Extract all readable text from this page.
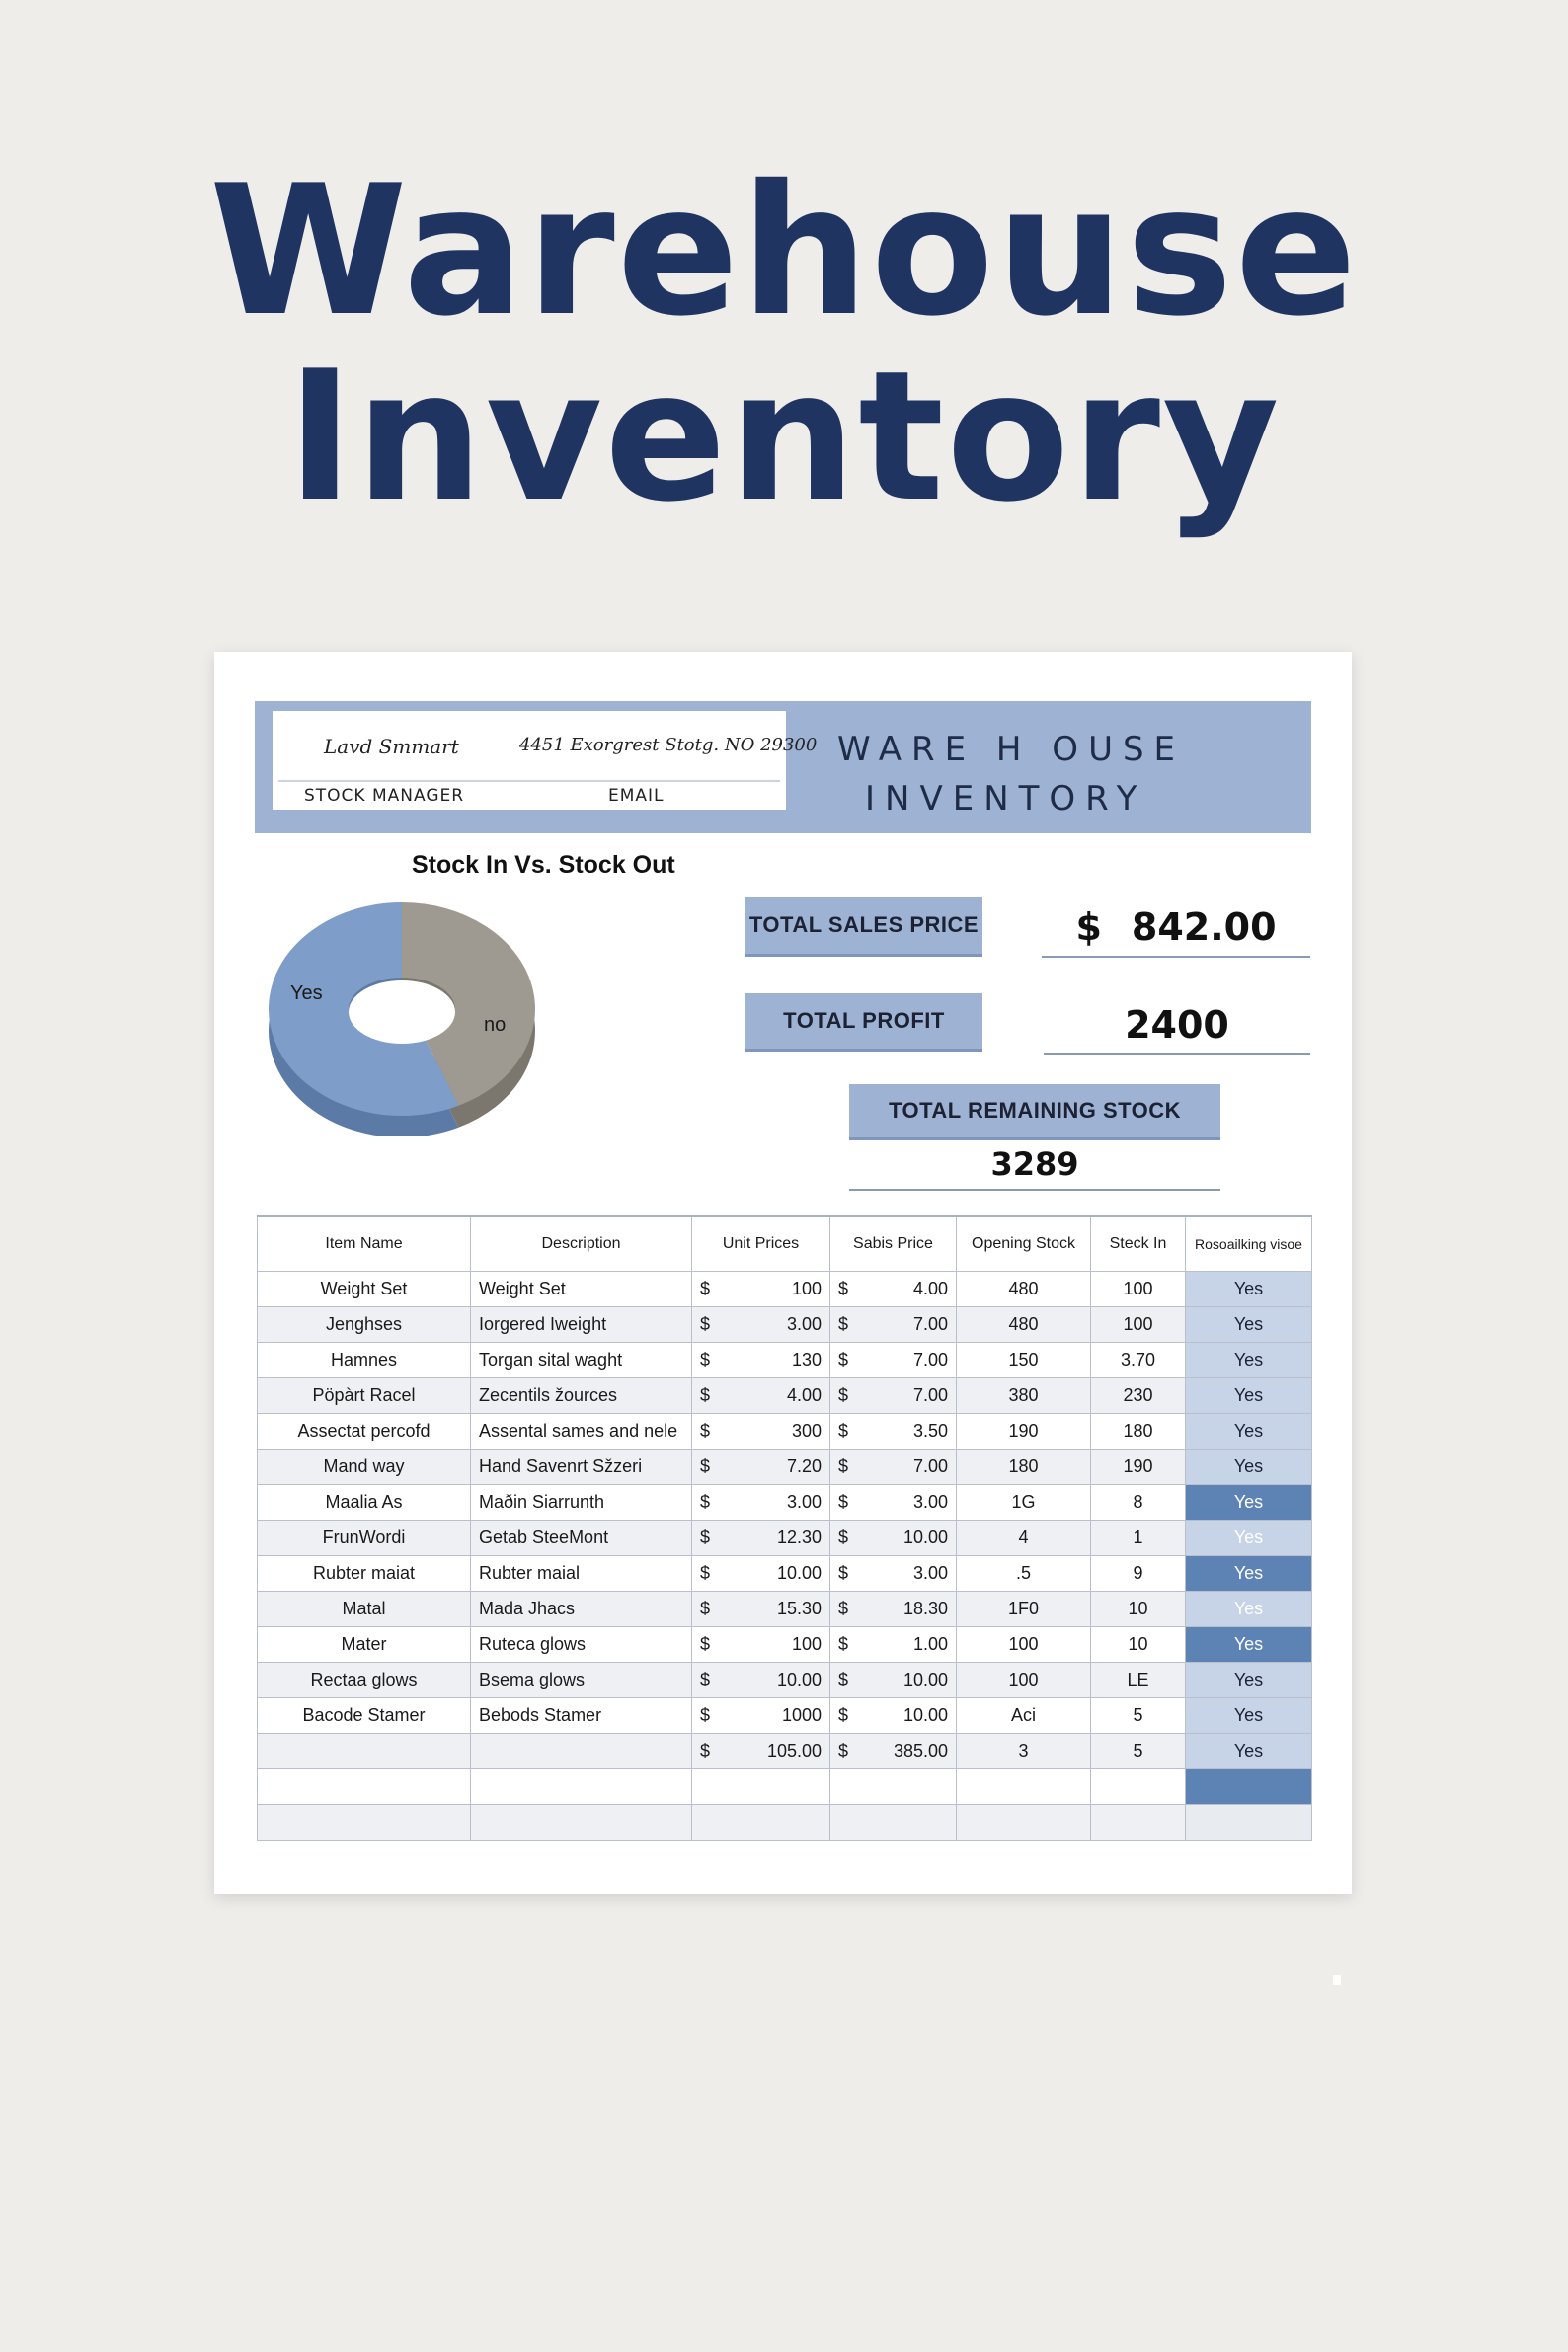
Warehouse
Inventory
Lavd Smmart	4451 Exorgrest Stotg. NO 29300
STOCK MANAGER	EMAIL
WARE H OUSE
INVENTORY
Stock In Vs. Stock Out
Yes
no
TOTAL SALES PRICE	$ 842.00
TOTAL PROFIT	2400
TOTAL REMAINING STOCK
3289
Item Name	Description	Unit Prices	Sabis Price	Opening Stock	Steck In	Rosoailking visoe
Weight Set	Weight Set	$ 100	$ 4.00	480	100	Yes
Jenghses	Iorgered Iweight	$ 3.00	$ 7.00	480	100	Yes
Hamnes	Torgan sital waght	$ 130	$ 7.00	150	3.70	Yes
Pöpàrt Racel	Zecentils žources	$ 4.00	$ 7.00	380	230	Yes
Assectat percofd	Assental sames and nele	$ 300	$ 3.50	190	180	Yes
Mand way	Hand Savenrt Sžzeri	$ 7.20	$ 7.00	180	190	Yes
Maalia As	Maðin Siarrunth	$ 3.00	$ 3.00	1G	8	Yes
FrunWordi	Getab SteeMont	$ 12.30	$ 10.00	4	1	Yes
Rubter maiat	Rubter maial	$ 10.00	$ 3.00	.5	9	Yes
Matal	Mada Jhacs	$ 15.30	$ 18.30	1F0	10	Yes
Mater	Ruteca glows	$ 100	$ 1.00	100	10	Yes
Rectaa glows	Bsema glows	$ 10.00	$ 10.00	100	LE	Yes
Bacode Stamer	Bebods Stamer	$ 1000	$ 10.00	Aci	5	Yes

		$ 105.00	$ 385.00	3	5	Yes
